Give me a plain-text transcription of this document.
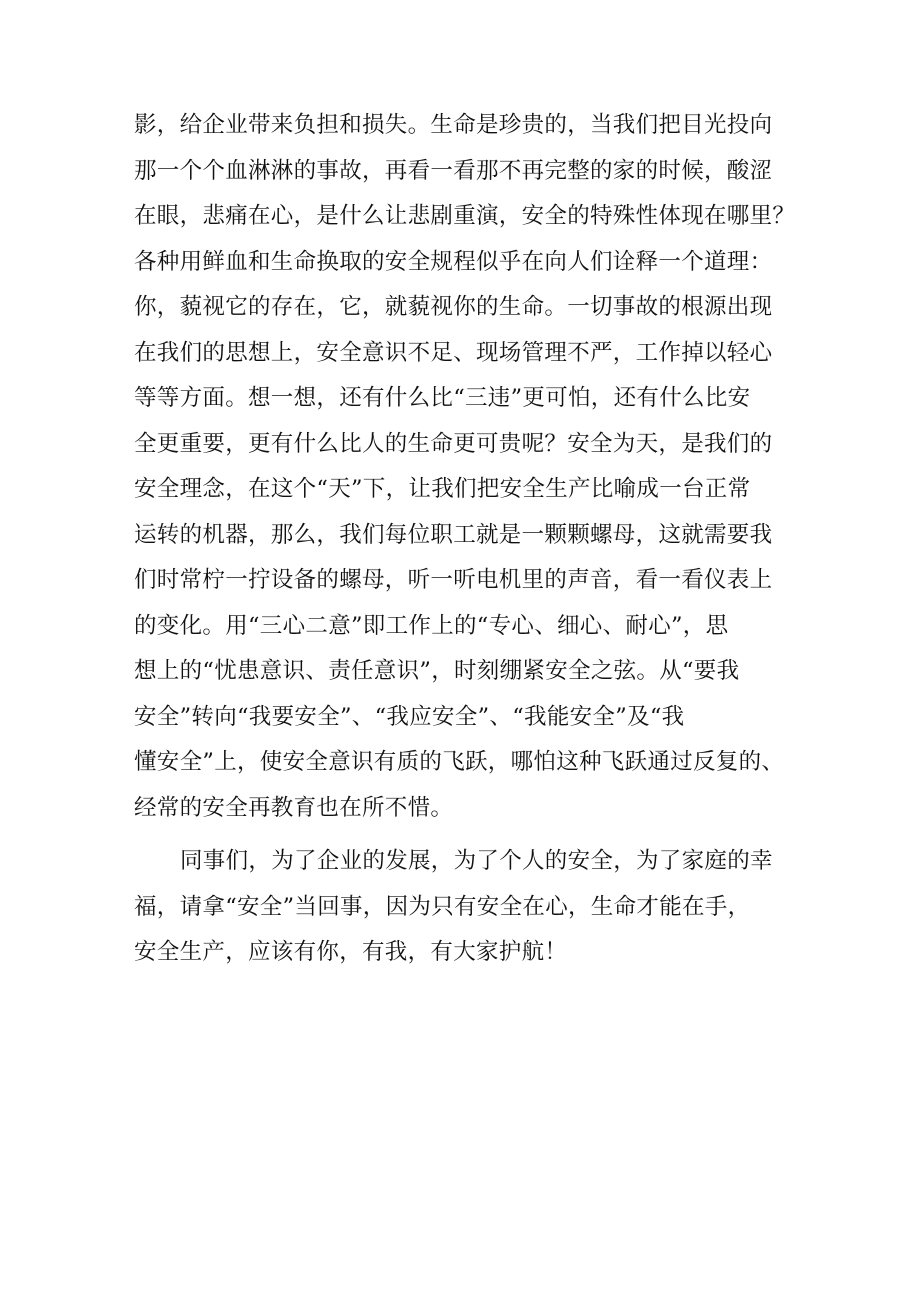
影，给企业带来负担和损失。生命是珍贵的，当我们把目光投向
那一个个血淋淋的事故，再看一看那不再完整的家的时候，酸涩
在眼，悲痛在心，是什么让悲剧重演，安全的特殊性体现在哪里？
各种用鲜血和生命换取的安全规程似乎在向人们诠释一个道理：
你，藐视它的存在，它，就藐视你的生命。一切事故的根源出现
在我们的思想上，安全意识不足、现场管理不严，工作掉以轻心
等等方面。想一想，还有什么比“三违”更可怕，还有什么比安
全更重要，更有什么比人的生命更可贵呢？安全为天，是我们的
安全理念，在这个“天”下，让我们把安全生产比喻成一台正常
运转的机器，那么，我们每位职工就是一颗颗螺母，这就需要我
们时常柠一拧设备的螺母，听一听电机里的声音，看一看仪表上
的变化。用“三心二意”即工作上的“专心、细心、耐心”，思
想上的“忧患意识、责任意识”，时刻绷紧安全之弦。从“要我
安全”转向“我要安全”、“我应安全”、“我能安全”及“我
懂安全”上，使安全意识有质的飞跃，哪怕这种飞跃通过反复的、
经常的安全再教育也在所不惜。
同事们，为了企业的发展，为了个人的安全，为了家庭的幸
福，请拿“安全”当回事，因为只有安全在心，生命才能在手，
安全生产，应该有你，有我，有大家护航！
